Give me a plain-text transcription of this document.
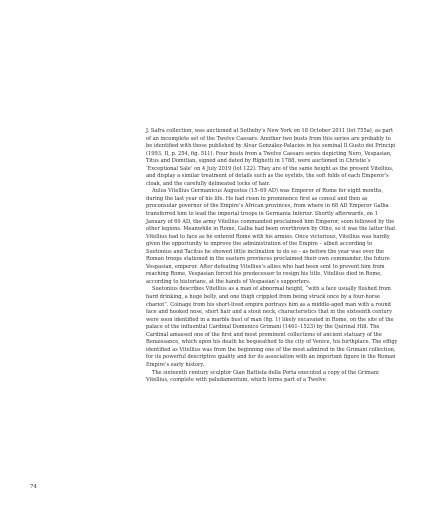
J. Safra collection, was auctioned at Sotheby’s New York on 18 October 2011 (lot 755a), as part of an incomplete set of the Twelve Caesars. Another two busts from this series are probably to be identified with those published by Alvar González-Palacios in his seminal Il Gusto dei Principi (1993, II, p. 254, fig. 511). Four busts from a Twelve Caesars series depicting Nero, Vespasian, Titus and Domitian, signed and dated by Righetti in 1788, were auctioned in Christie’s ‘Exceptional Sale’ on 4 July 2019 (lot 122). They are of the same height as the present Vitellius, and display a similar treatment of details such as the eyelids, the soft folds of each Emperor’s cloak, and the carefully delineated locks of hair.

Aulus Vitellius Germanicus Augustus (15–69 AD) was Emperor of Rome for eight months, during the last year of his life. He had risen to prominence first as consul and then as proconsular governor of the Empire’s African provinces, from where in 68 AD Emperor Galba transferred him to lead the imperial troops in Germania Inferior. Shortly afterwards, on 1 January of 69 AD, the army Vitellius commanded proclaimed him Emperor, soon followed by the other legions. Meanwhile in Rome, Galba had been overthrown by Otho, so it was the latter that Vitellius had to face as he entered Rome with his armies. Once victorious, Vitellius was hardly given the opportunity to improve the administration of the Empire – albeit according to Suetonius and Tacitus he showed little inclination to do so – as before the year was over the Roman troops stationed in the eastern provinces proclaimed their own commander, the future Vespasian, emperor. After defeating Vitellius’s allies who had been sent to prevent him from reaching Rome, Vespasian forced his predecessor to resign his title. Vitellius died in Rome, according to historians, at the hands of Vespasian’s supporters.

Suetonius describes Vitellius as a man of abnormal height, “with a face usually flushed from hard drinking, a huge belly, and one thigh crippled from being struck once by a four-horse chariot”. Coinage from his short-lived empire portrays him as a middle-aged man with a round face and hooked nose, short hair and a stout neck, characteristics that in the sixteenth century were soon identified in a marble bust of man (fig. 1) likely excavated in Rome, on the site of the palace of the influential Cardinal Domenico Grimani (1461–1523) by the Quirinal Hill. The Cardinal amassed one of the first and most prominent collections of ancient statuary of the Renaissance, which upon his death he bequeathed to the city of Venice, his birthplace. The effigy identified as Vitellius was from the beginning one of the most admired in the Grimani collection, for its powerful descriptive quality and for its association with an important figure in the Roman Empire’s early history.

The sixteenth century sculptor Gian Battista della Porta executed a copy of the Grimani Vitellius, complete with paludamentum, which forms part of a Twelve

74
